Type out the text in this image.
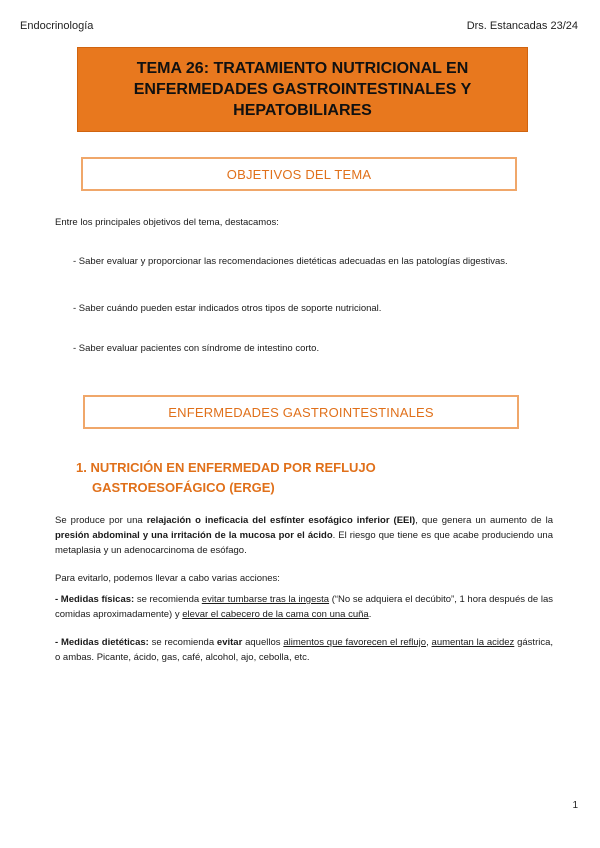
Endocrinología	Drs. Estancadas 23/24
TEMA 26: TRATAMIENTO NUTRICIONAL EN
ENFERMEDADES GASTROINTESTINALES Y
HEPATOBILIARES
OBJETIVOS DEL TEMA
Entre los principales objetivos del tema, destacamos:
- Saber evaluar y proporcionar las recomendaciones dietéticas adecuadas en las patologías digestivas.
- Saber cuándo pueden estar indicados otros tipos de soporte nutricional.
- Saber evaluar pacientes con síndrome de intestino corto.
ENFERMEDADES GASTROINTESTINALES
1. NUTRICIÓN EN ENFERMEDAD POR REFLUJO
GASTROESOFÁGICO (ERGE)
Se produce por una relajación o ineficacia del esfínter esofágico inferior (EEI), que genera un aumento de la presión abdominal y una irritación de la mucosa por el ácido. El riesgo que tiene es que acabe produciendo una metaplasia y un adenocarcinoma de esófago.
Para evitarlo, podemos llevar a cabo varias acciones:
- Medidas físicas: se recomienda evitar tumbarse tras la ingesta (“No se adquiera el decúbito”, 1 hora después de las comidas aproximadamente) y elevar el cabecero de la cama con una cuña.
- Medidas dietéticas: se recomienda evitar aquellos alimentos que favorecen el reflujo, aumentan la acidez gástrica, o ambas. Picante, ácido, gas, café, alcohol, ajo, cebolla, etc.
1
